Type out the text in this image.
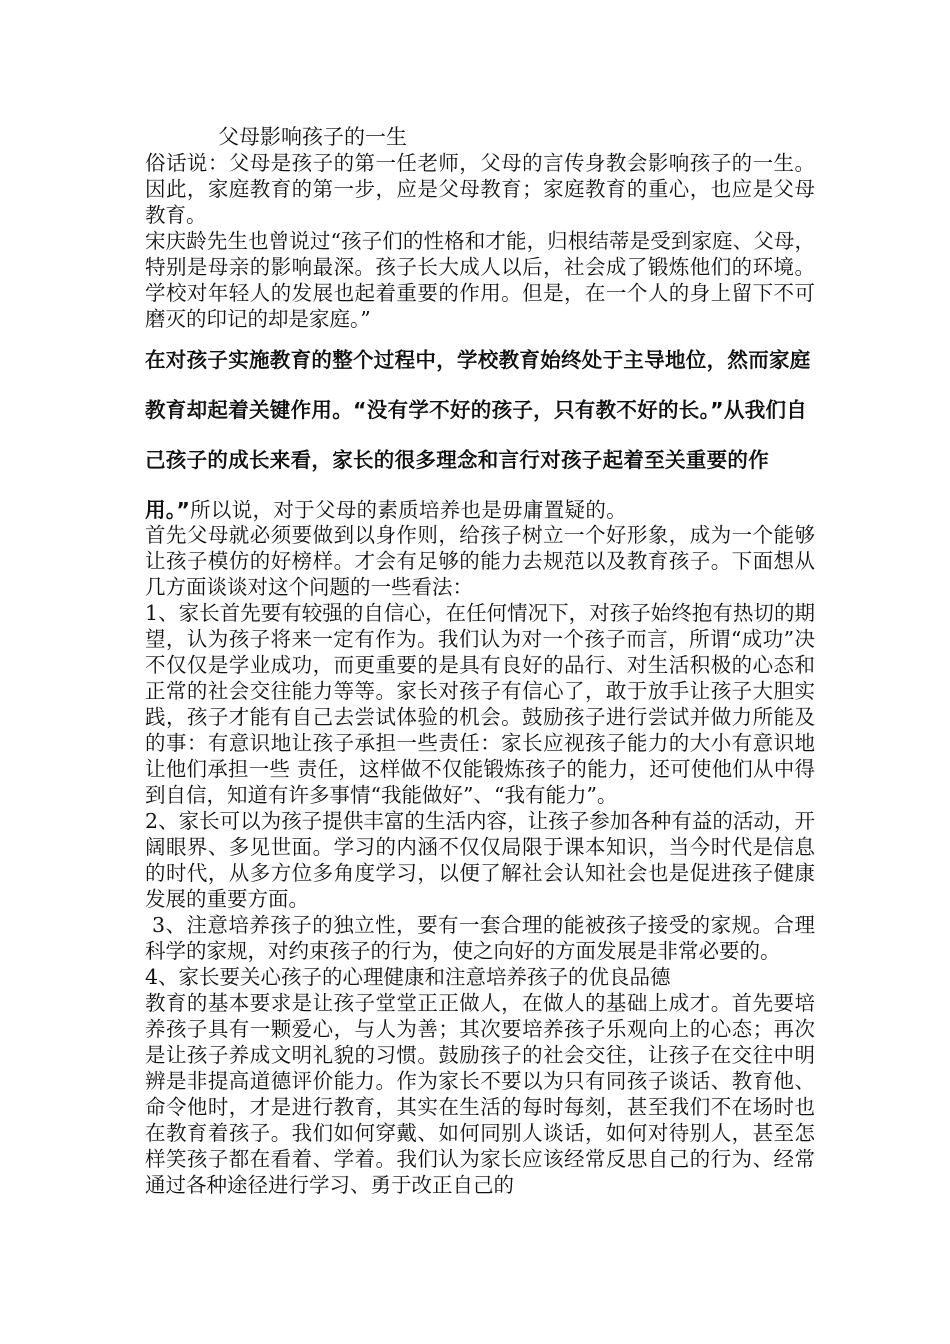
父母影响孩子的一生

俗话说：父母是孩子的第一任老师，父母的言传身教会影响孩子的一生。因此，家庭教育的第一步，应是父母教育；家庭教育的重心，也应是父母教育。

宋庆龄先生也曾说过“孩子们的性格和才能，归根结蒂是受到家庭、父母，特别是母亲的影响最深。孩子长大成人以后，社会成了锻炼他们的环境。学校对年轻人的发展也起着重要的作用。但是，在一个人的身上留下不可磨灭的印记的却是家庭。”

在对孩子实施教育的整个过程中，学校教育始终处于主导地位，然而家庭教育却起着关键作用。“没有学不好的孩子，只有教不好的长。”从我们自己孩子的成长来看，家长的很多理念和言行对孩子起着至关重要的作用。”所以说，对于父母的素质培养也是毋庸置疑的。

首先父母就必须要做到以身作则，给孩子树立一个好形象，成为一个能够让孩子模仿的好榜样。才会有足够的能力去规范以及教育孩子。下面想从几方面谈谈对这个问题的一些看法：
1、家长首先要有较强的自信心，在任何情况下，对孩子始终抱有热切的期望，认为孩子将来一定有作为。我们认为对一个孩子而言，所谓“成功”决不仅仅是学业成功，而更重要的是具有良好的品行、对生活积极的心态和正常的社会交往能力等等。家长对孩子有信心了，敢于放手让孩子大胆实践，孩子才能有自己去尝试体验的机会。鼓励孩子进行尝试并做力所能及的事：有意识地让孩子承担一些责任：家长应视孩子能力的大小有意识地让他们承担一些 责任，这样做不仅能锻炼孩子的能力，还可使他们从中得到自信，知道有许多事情“我能做好”、“我有能力”。
2、家长可以为孩子提供丰富的生活内容，让孩子参加各种有益的活动，开阔眼界、多见世面。学习的内涵不仅仅局限于课本知识，当今时代是信息的时代，从多方位多角度学习，以便了解社会认知社会也是促进孩子健康发展的重要方面。
3、注意培养孩子的独立性，要有一套合理的能被孩子接受的家规。合理科学的家规，对约束孩子的行为，使之向好的方面发展是非常必要的。
4、家长要关心孩子的心理健康和注意培养孩子的优良品德
教育的基本要求是让孩子堂堂正正做人，在做人的基础上成才。首先要培养孩子具有一颗爱心，与人为善；其次要培养孩子乐观向上的心态；再次是让孩子养成文明礼貌的习惯。鼓励孩子的社会交往，让孩子在交往中明辨是非提高道德评价能力。作为家长不要以为只有同孩子谈话、教育他、命令他时，才是进行教育，其实在生活的每时每刻，甚至我们不在场时也在教育着孩子。我们如何穿戴、如何同别人谈话，如何对待别人，甚至怎样笑孩子都在看着、学着。我们认为家长应该经常反思自己的行为、经常通过各种途径进行学习、勇于改正自己的
